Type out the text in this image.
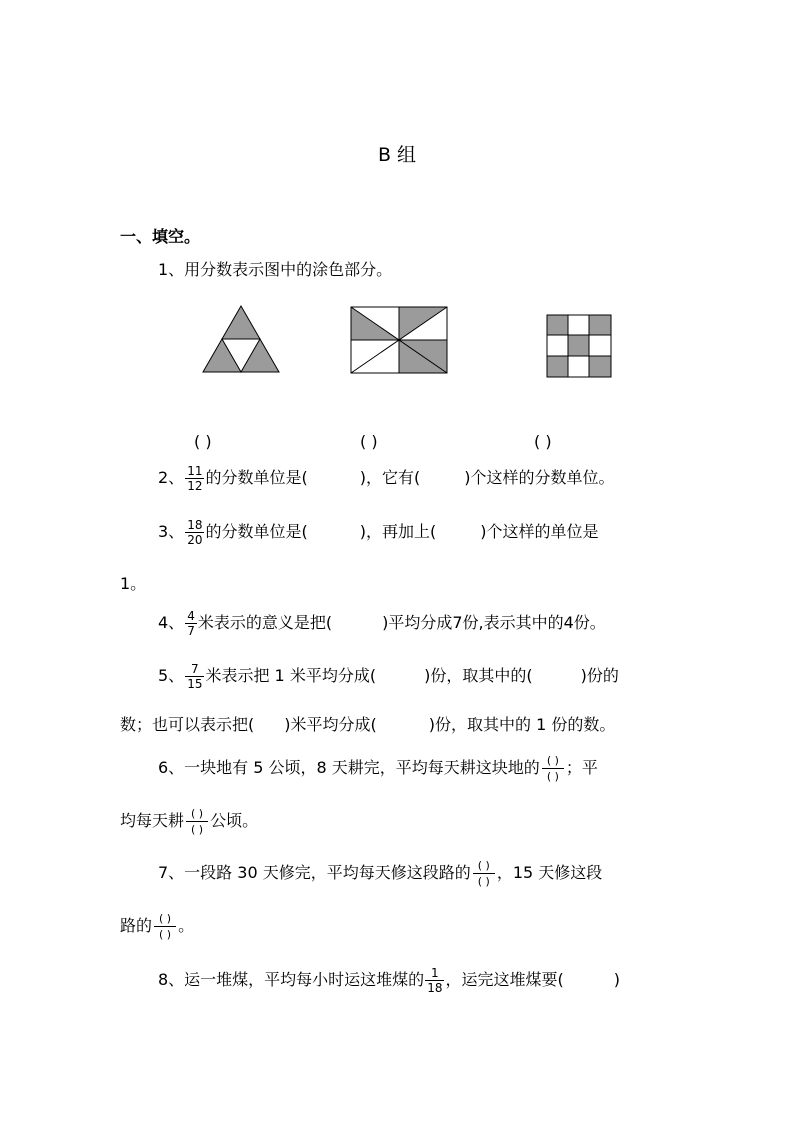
B 组
一、填空。
1、用分数表示图中的涂色部分。
( )	( )	( )
2、 $\frac{11}{12}$ 的分数单位是(	)，它有(	)个这样的分数单位。
3、 $\frac{18}{20}$ 的分数单位是(	)，再加上(	)个这样的单位是
1。
4、 $\frac{4}{7}$ 米表示的意义是把(	)平均分成7份,表示其中的4份。
5、 $\frac{7}{15}$ 米表示把 1 米平均分成(	)份，取其中的(	)份的
数；也可以表示把( )米平均分成(	)份，取其中的 1 份的数。
6、一块地有 5 公顷，8 天耕完，平均每天耕这块地的 $\frac{( )}{( )}$ ；平
均每天耕 $\frac{( )}{( )}$ 公顷。
7、一段路 30 天修完，平均每天修这段路的 $\frac{( )}{( )}$ ，15 天修这段
路的 $\frac{( )}{( )}$ 。
8、运一堆煤，平均每小时运这堆煤的 $\frac{1}{18}$ ，运完这堆煤要(	)
